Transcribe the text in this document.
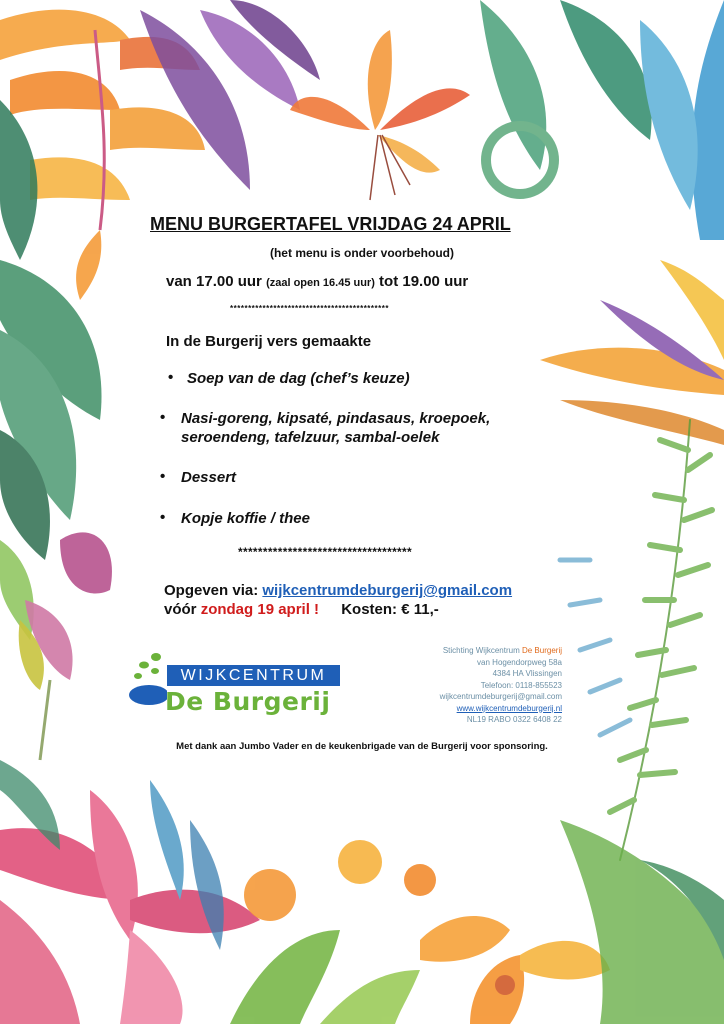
MENU BURGERTAFEL VRIJDAG 24 APRIL
(het menu is onder voorbehoud)
van 17.00 uur (zaal open 16.45 uur) tot 19.00 uur
********************************************
In de Burgerij vers gemaakte
• Soep van de dag (chef’s keuze)
• Nasi-goreng, kipsaté, pindasaus, kroepoek,
seroendeng, tafelzuur, sambal-oelek
• Dessert
• Kopje koffie / thee
***********************************
Opgeven via: wijkcentrumdeburgerij@gmail.com
vóór zondag 19 april ! Kosten: € 11,-
WIJKCENTRUM
De Burgerij
Stichting Wijkcentrum De Burgerij
van Hogendorpweg 58a
4384 HA Vlissingen
Telefoon: 0118-855523
wijkcentrumdeburgerij@gmail.com
www.wijkcentrumdeburgerij.nl
NL19 RABO 0322 6408 22
Met dank aan Jumbo Vader en de keukenbrigade van de Burgerij voor sponsoring.
